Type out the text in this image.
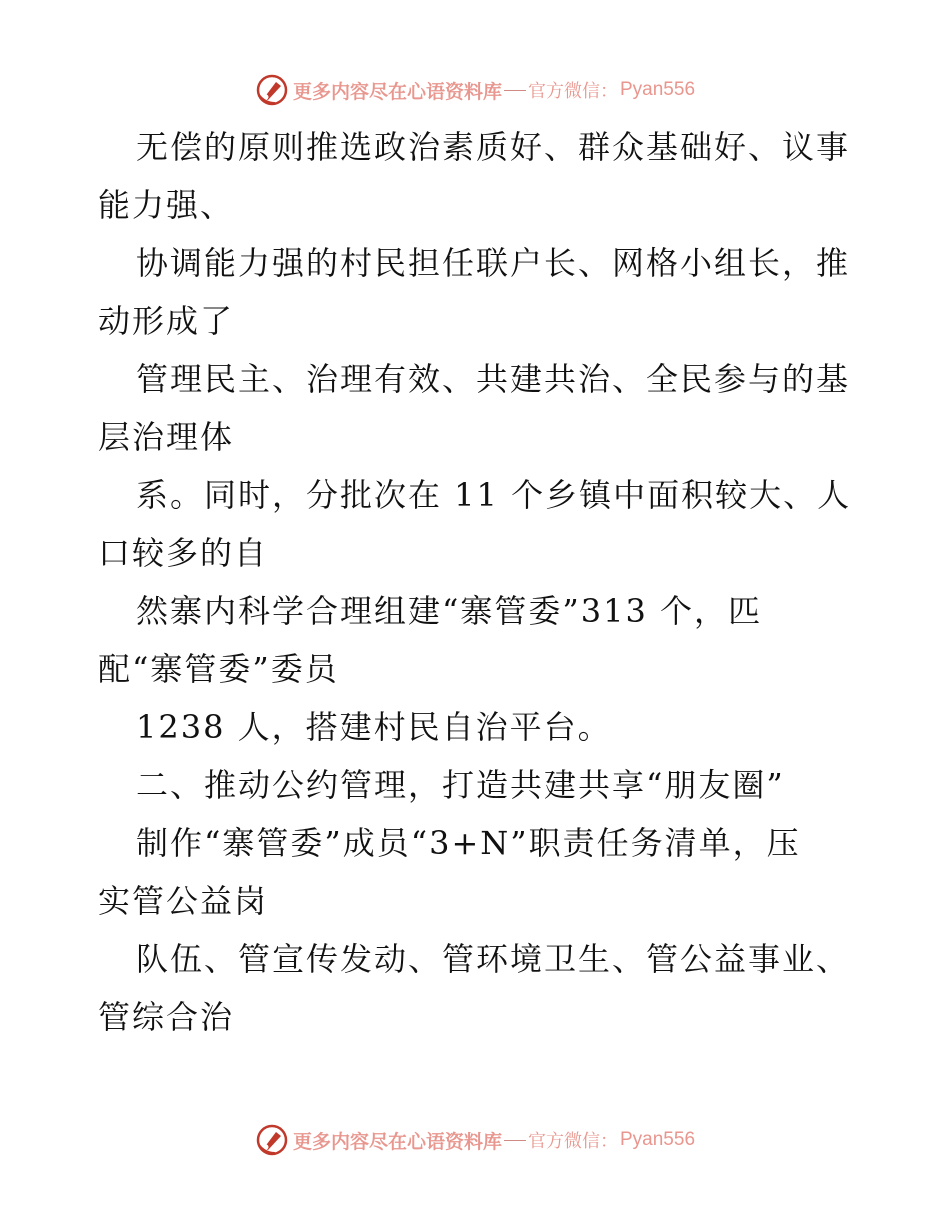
更多内容尽在心语资料库 官方微信： Pyan556
无偿的原则推选政治素质好、群众基础好、议事
能力强、
协调能力强的村民担任联户长、网格小组长，推
动形成了
管理民主、治理有效、共建共治、全民参与的基
层治理体
系。同时，分批次在 11 个乡镇中面积较大、人
口较多的自
然寨内科学合理组建“寨管委”313 个，匹
配“寨管委”委员
1238 人，搭建村民自治平台。
二、推动公约管理，打造共建共享“朋友圈”
制作“寨管委”成员“3+N”职责任务清单，压
实管公益岗
队伍、管宣传发动、管环境卫生、管公益事业、
管综合治
更多内容尽在心语资料库 官方微信： Pyan556
